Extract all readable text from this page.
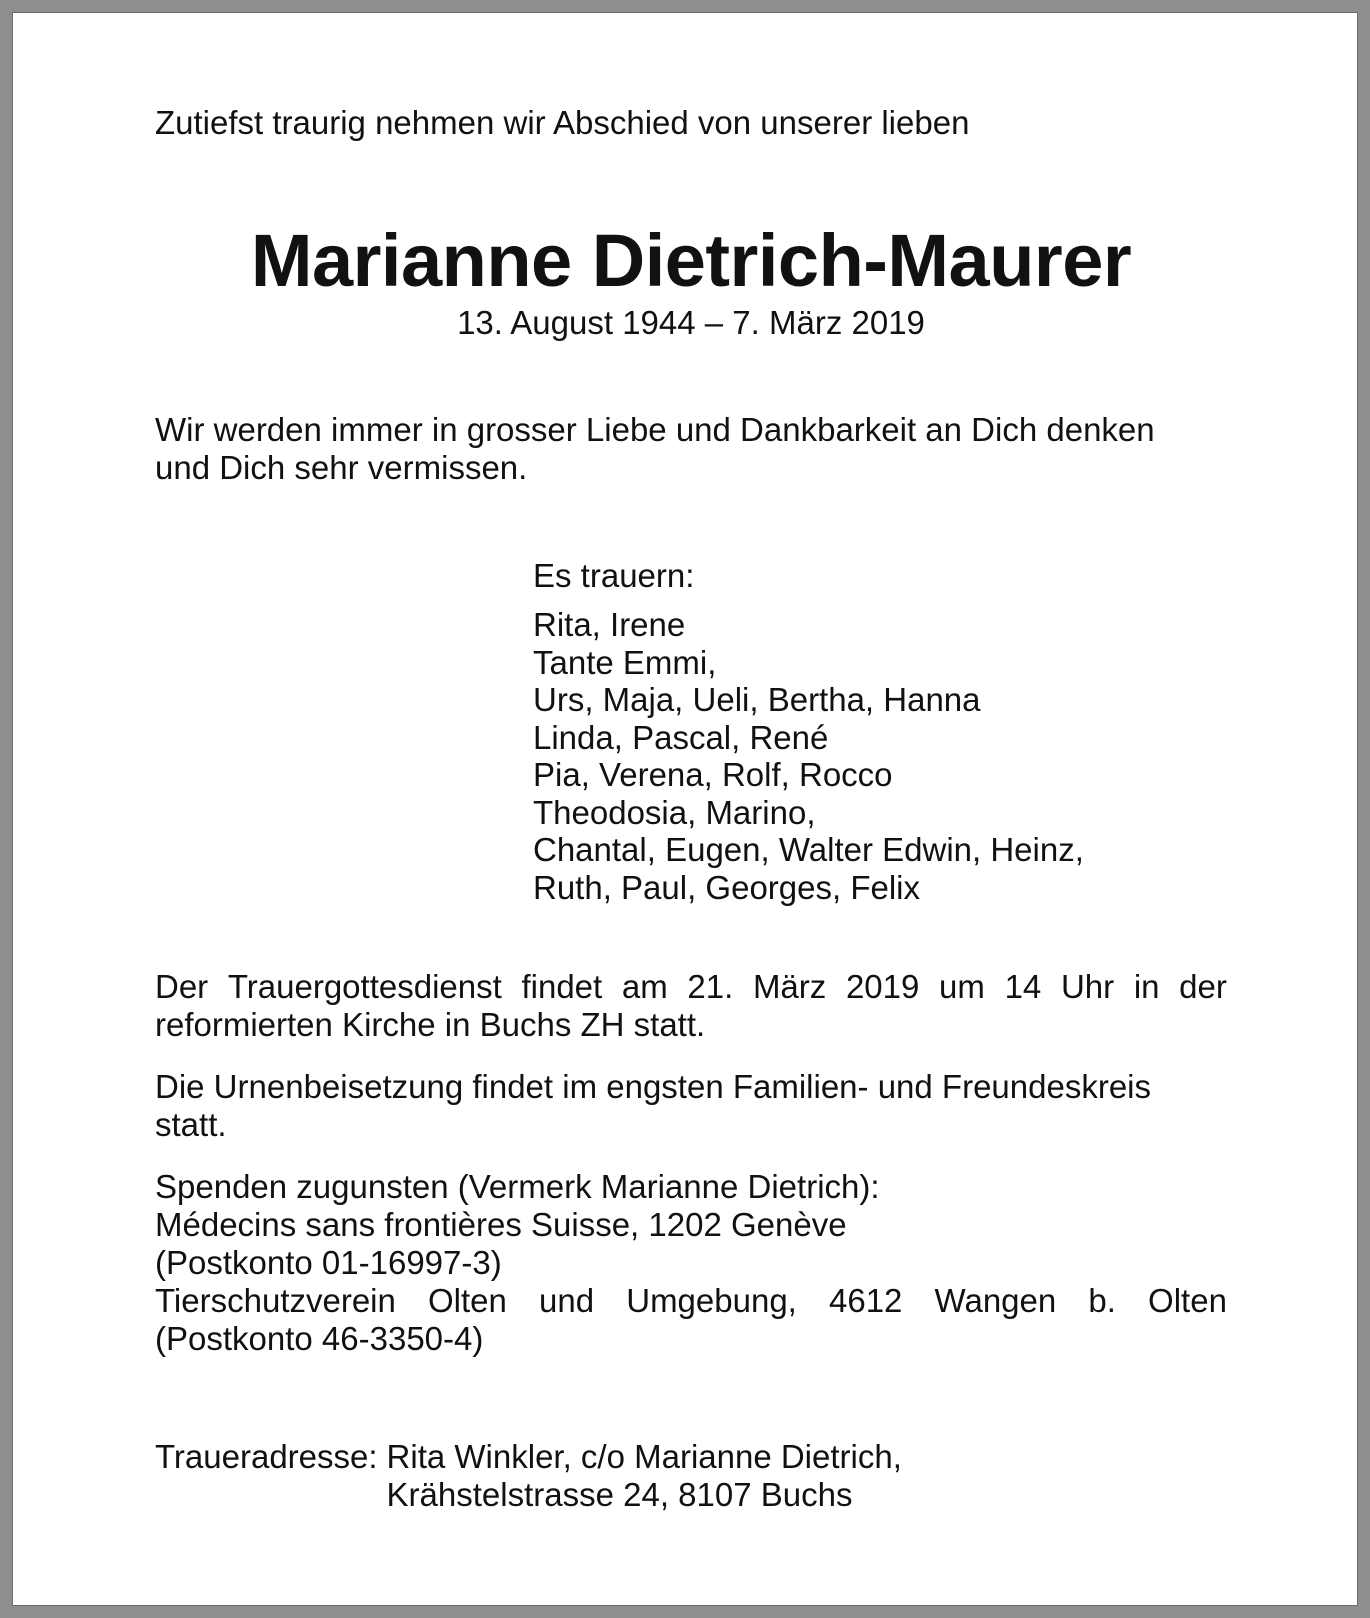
Zutiefst traurig nehmen wir Abschied von unserer lieben

Marianne Dietrich-Maurer

13. August 1944 – 7. März 2019

Wir werden immer in grosser Liebe und Dankbarkeit an Dich denken
und Dich sehr vermissen.

Es trauern:

Rita, Irene

Tante Emmi,

Urs, Maja, Ueli, Bertha, Hanna

Linda, Pascal, René

Pia, Verena, Rolf, Rocco

Theodosia, Marino,

Chantal, Eugen, Walter Edwin, Heinz,

Ruth, Paul, Georges, Felix

Der Trauergottesdienst findet am 21. März 2019 um 14 Uhr in der
reformierten Kirche in Buchs ZH statt.
Die Urnenbeisetzung findet im engsten Familien- und Freundeskreis
statt.
Spenden zugunsten (Vermerk Marianne Dietrich):
Médecins sans frontières Suisse, 1202 Genève
(Postkonto 01-16997-3)
Tierschutzverein Olten und Umgebung, 4612 Wangen b. Olten
(Postkonto 46-3350-4)
Traueradresse: Rita Winkler, c/o Marianne Dietrich,
Krähstelstrasse 24, 8107 Buchs
